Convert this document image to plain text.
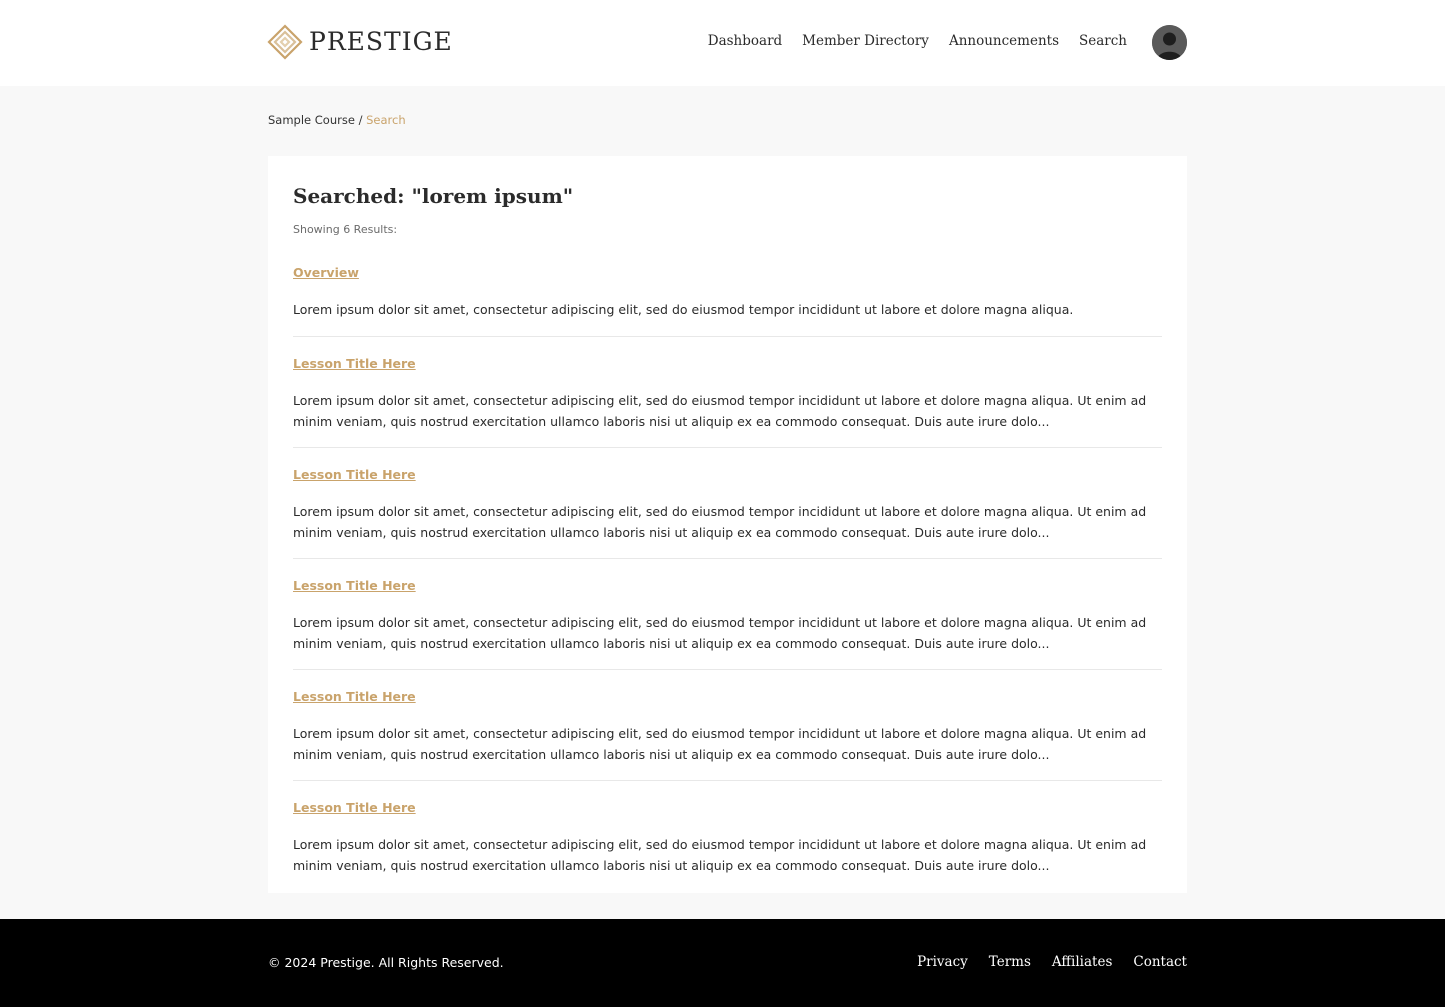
PRESTIGE	Dashboard Member Directory Announcements Search
Sample Course / Search
Searched: "lorem ipsum"
Showing 6 Results:
Overview

Lorem ipsum dolor sit amet, consectetur adipiscing elit, sed do eiusmod tempor incididunt ut labore et dolore magna aliqua.

Lesson Title Here

Lorem ipsum dolor sit amet, consectetur adipiscing elit, sed do eiusmod tempor incididunt ut labore et dolore magna aliqua. Ut enim ad minim veniam, quis nostrud exercitation ullamco laboris nisi ut aliquip ex ea commodo consequat. Duis aute irure dolo...

Lesson Title Here

Lorem ipsum dolor sit amet, consectetur adipiscing elit, sed do eiusmod tempor incididunt ut labore et dolore magna aliqua. Ut enim ad minim veniam, quis nostrud exercitation ullamco laboris nisi ut aliquip ex ea commodo consequat. Duis aute irure dolo...

Lesson Title Here

Lorem ipsum dolor sit amet, consectetur adipiscing elit, sed do eiusmod tempor incididunt ut labore et dolore magna aliqua. Ut enim ad minim veniam, quis nostrud exercitation ullamco laboris nisi ut aliquip ex ea commodo consequat. Duis aute irure dolo...

Lesson Title Here

Lorem ipsum dolor sit amet, consectetur adipiscing elit, sed do eiusmod tempor incididunt ut labore et dolore magna aliqua. Ut enim ad minim veniam, quis nostrud exercitation ullamco laboris nisi ut aliquip ex ea commodo consequat. Duis aute irure dolo...

Lesson Title Here

Lorem ipsum dolor sit amet, consectetur adipiscing elit, sed do eiusmod tempor incididunt ut labore et dolore magna aliqua. Ut enim ad minim veniam, quis nostrud exercitation ullamco laboris nisi ut aliquip ex ea commodo consequat. Duis aute irure dolo...

© 2024 Prestige. All Rights Reserved.	Privacy Terms Affiliates Contact
